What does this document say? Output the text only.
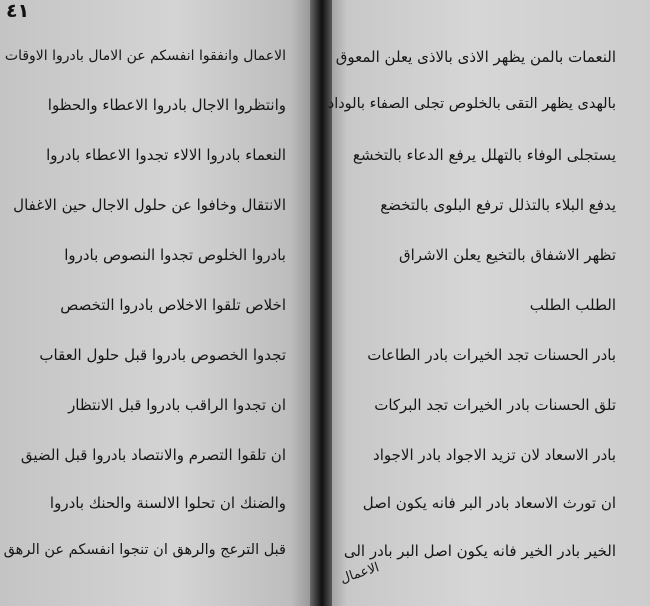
٤١
الاعمال وانفقوا انفسكم عن الامال بادروا الاوقات
وانتظروا الاجال بادروا الاعطاء والحظوا
النعماء بادروا الالاء تجدوا الاعطاء بادروا
الانتقال وخافوا عن حلول الاجال حين الاغفال
بادروا الخلوص تجدوا النصوص بادروا
اخلاص تلقوا الاخلاص بادروا التخصص
تجدوا الخصوص بادروا قبل حلول العقاب
ان تجدوا الراقب بادروا قبل الانتظار
ان تلقوا التصرم والانتصاد بادروا قبل الضيق
والضنك ان تحلوا الالسنة والحنك بادروا
قبل الترعج والرهق ان تنجوا انفسكم عن الرهق
النعمات بالمن يظهر الاذى بالاذى يعلن المعوق
بالهدى يظهر التقى بالخلوص تجلى الصفاء بالوداد
يستجلى الوفاء بالتهلل يرفع الدعاء بالتخشع
يدفع البلاء بالتذلل ترفع البلوى بالتخضع
تظهر الاشفاق بالتخيع يعلن الاشراق
الطلب الطلب
بادر الحسنات تجد الخيرات بادر الطاعات
تلق الحسنات بادر الخيرات تجد البركات
بادر الاسعاد لان تزيد الاجواد بادر الاجواد
ان تورث الاسعاد بادر البر فانه يكون اصل
الخير بادر الخير فانه يكون اصل البر بادر الى
الاعمال
